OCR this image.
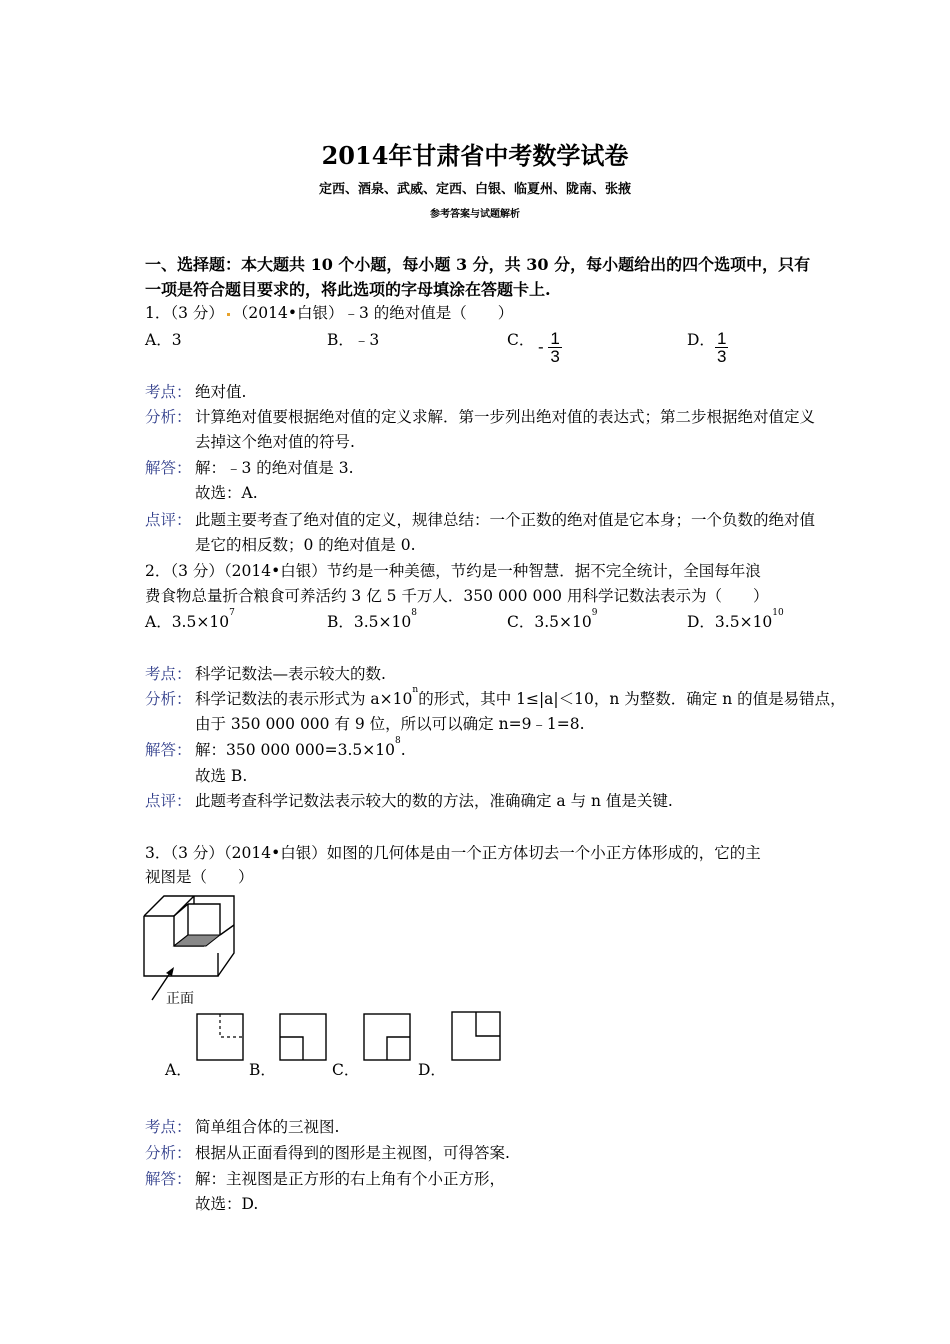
2014年甘肃省中考数学试卷
定西、酒泉、武威、定西、白银、临夏州、陇南、张掖
参考答案与试题解析
一、选择题：本大题共 10 个小题，每小题 3 分，共 30 分，每小题给出的四个选项中，只有
一项是符合题目要求的，将此选项的字母填涂在答题卡上.
1．（3 分） （2014•白银）﹣3 的绝对值是（　　）
A．3	B．﹣3	C． - $\frac{1}{3}$	D． $\frac{1}{3}$
考点： 绝对值.
分析： 计算绝对值要根据绝对值的定义求解．第一步列出绝对值的表达式；第二步根据绝对值定义
去掉这个绝对值的符号.
解答： 解：﹣3 的绝对值是 3.
故选：A.
点评： 此题主要考查了绝对值的定义，规律总结：一个正数的绝对值是它本身；一个负数的绝对值
是它的相反数；0 的绝对值是 0.
2．（3 分）（2014•白银）节约是一种美德，节约是一种智慧．据不完全统计，全国每年浪
费食物总量折合粮食可养活约 3 亿 5 千万人．350 000 000 用科学记数法表示为（　　）
A．$3.5\times 10^7$	B．$3.5\times 10^8$	C．$3.5\times 10^9$	D．$3.5\times 10^{10}$
考点： 科学记数法—表示较大的数.
分析： 科学记数法的表示形式为 $a\times 10^n$的形式，其中 1≤|a|＜10，n 为整数．确定 n 的值是易错点，
由于 350 000 000 有 9 位，所以可以确定 n=9﹣1=8.
解答： 解：350 000 $000=3.5\times 10^8$.
故选 B.
点评： 此题考查科学记数法表示较大的数的方法，准确确定 a 与 n 值是关键.
3．（3 分）（2014•白银）如图的几何体是由一个正方体切去一个小正方体形成的，它的主
视图是（　　）
正面
A．	B．	C．	D．
考点： 简单组合体的三视图.
分析： 根据从正面看得到的图形是主视图，可得答案.
解答： 解：主视图是正方形的右上角有个小正方形，
故选：D.
